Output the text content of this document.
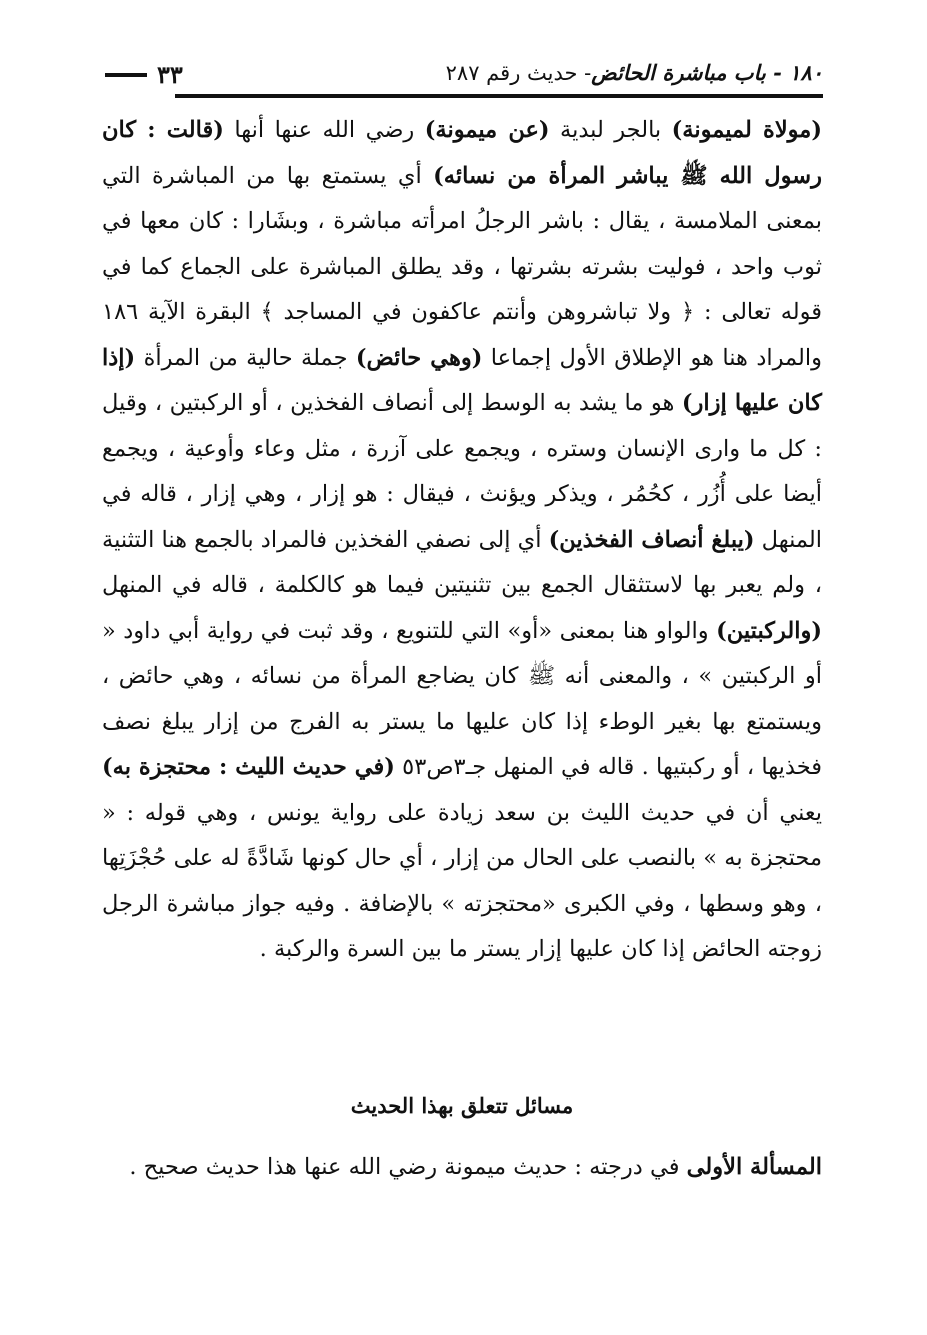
٣٣	١٨٠ - باب مباشرة الحائض- حديث رقم ٢٨٧

(مولاة لميمونة) بالجر لبدية (عن ميمونة) رضي الله عنها أنها (قالت : كان رسول الله ﷺ يباشر المرأة من نسائه) أي يستمتع بها من المباشرة التي بمعنى الملامسة ، يقال : باشر الرجلُ امرأته مباشرة ، وبشَارا : كان معها في ثوب واحد ، فوليت بشرته بشرتها ، وقد يطلق المباشرة على الجماع كما في قوله تعالى : ﴿ ولا تباشروهن وأنتم عاكفون في المساجد ﴾ البقرة الآية ١٨٦ والمراد هنا هو الإطلاق الأول إجماعا (وهي حائض) جملة حالية من المرأة (إذا كان عليها إزار) هو ما يشد به الوسط إلى أنصاف الفخذين ، أو الركبتين ، وقيل : كل ما وارى الإنسان وستره ، ويجمع على آزرة ، مثل وعاء وأوعية ، ويجمع أيضا على أُزُر ، كحُمُر ، ويذكر ويؤنث ، فيقال : هو إزار ، وهي إزار ، قاله في المنهل (يبلغ أنصاف الفخذين) أي إلى نصفي الفخذين فالمراد بالجمع هنا التثنية ، ولم يعبر بها لاستثقال الجمع بين تثنيتين فيما هو كالكلمة ، قاله في المنهل (والركبتين) والواو هنا بمعنى «أو» التي للتنويع ، وقد ثبت في رواية أبي داود « أو الركبتين » ، والمعنى أنه ﷺ كان يضاجع المرأة من نسائه ، وهي حائض ، ويستمتع بها بغير الوطء إذا كان عليها ما يستر به الفرج من إزار يبلغ نصف فخذيها ، أو ركبتيها . قاله في المنهل جـ٣ص٥٣ (في حديث الليث : محتجزة به) يعني أن في حديث الليث بن سعد زيادة على رواية يونس ، وهي قوله : « محتجزة به » بالنصب على الحال من إزار ، أي حال كونها شَادَّةً له على حُجْزَتِها ، وهو وسطها ، وفي الكبرى «محتجزته » بالإضافة . وفيه جواز مباشرة الرجل زوجته الحائض إذا كان عليها إزار يستر ما بين السرة والركبة .

مسائل تتعلق بهذا الحديث

المسألة الأولى في درجته : حديث ميمونة رضي الله عنها هذا حديث صحيح .
